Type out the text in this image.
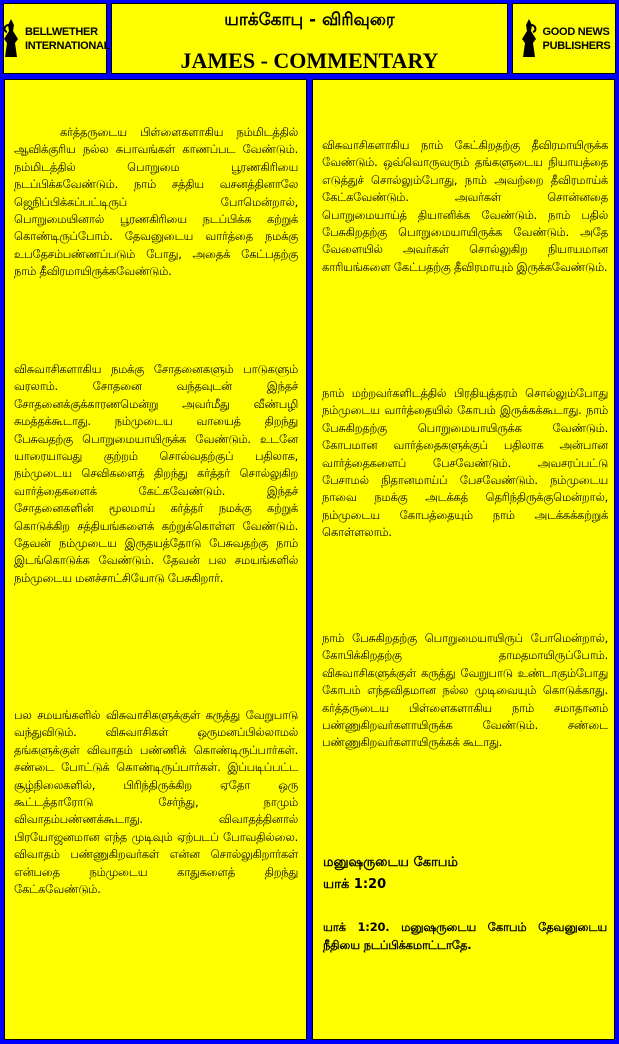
BELLWETHER
INTERNATIONAL
யாக்கோபு - விரிவுரை
JAMES - COMMENTARY
GOOD NEWS
PUBLISHERS

கர்த்தருடைய பிள்ளைகளாகிய நம்மிடத்தில் ஆவிக்குரிய நல்ல சுபாவங்கள் காணப்பட வேண்டும். நம்மிடத்தில் பொறுமை பூரணகிரியை நடப்பிக்கவேண்டும். நாம் சத்திய வசனத்தினாலே ஜெநிப்பிக்கப்பட்டிருப் போமென்றால், பொறுமையினால் பூரணகிரியை நடப்பிக்க கற்றுக் கொண்டிருப்போம். தேவனுடைய வார்த்தை நமக்கு உபதேசம்பண்ணப்படும் போது, அதைக் கேட்பதற்கு நாம் தீவிரமாயிருக்கவேண்டும்.

விசுவாசிகளாகிய நமக்கு சோதனைகளும் பாடுகளும் வரலாம். சோதனை வந்தவுடன் இந்தச் சோதனைக்குக்காரணமென்று அவர்மீது வீண்பழி சுமத்தக்கூடாது. நம்முடைய வாயைத் திறந்து பேசுவதற்கு பொறுமையாயிருக்க வேண்டும். உடனே யாரையாவது குற்றம் சொல்வதற்குப் பதிலாக, நம்முடைய செவிகளைத் திறந்து கர்த்தர் சொல்லுகிற வார்த்தைகளைக் கேட்கவேண்டும். இந்தச் சோதனைகளின் மூலமாய் கர்த்தர் நமக்கு கற்றுக் கொடுக்கிற சத்தியங்களைக் கற்றுக்கொள்ள வேண்டும். தேவன் நம்முடைய இருதயத்தோடு பேசுவதற்கு நாம் இடங்கொடுக்க வேண்டும். தேவன் பல சமயங்களில் நம்முடைய மனச்சாட்சியோடு பேசுகிறார்.

பல சமயங்களில் விசுவாசிகளுக்குள் கருத்து வேறுபாடு வந்துவிடும். விசுவாசிகள் ஒருமனப்பில்லாமல் தங்களுக்குள் விவாதம் பண்ணிக் கொண்டிருப்பார்கள். சண்டை போட்டுக் கொண்டிருப்பார்கள். இப்படிப்பட்ட சூழ்நிலைகளில், பிரிந்திருக்கிற ஏதோ ஒரு கூட்டத்தாரோடு சேர்ந்து, நாமும் விவாதம்பண்ணக்கூடாது. விவாதத்தினால் பிரயோஜனமான எந்த முடிவும் ஏற்படப் போவதில்லை. விவாதம் பண்ணுகிறவர்கள் என்ன சொல்லுகிறார்கள் என்பதை நம்முடைய காதுகளைத் திறந்து கேட்கவேண்டும்.

விசுவாசிகளாகிய நாம் கேட்கிறதற்கு தீவிரமாயிருக்க வேண்டும். ஒவ்வொருவரும் தங்களுடைய நியாயத்தை எடுத்துச் சொல்லும்போது, நாம் அவற்றை தீவிரமாய்க் கேட்கவேண்டும். அவர்கள் சொன்னதை பொறுமையாய்த் தியானிக்க வேண்டும். நாம் பதில் பேசுகிறதற்கு பொறுமையாயிருக்க வேண்டும். அதே வேளையில் அவர்கள் சொல்லுகிற நியாயமான காரியங்களை கேட்பதற்கு தீவிரமாயும் இருக்கவேண்டும்.

நாம் மற்றவர்களிடத்தில் பிரதியுத்தரம் சொல்லும்போது நம்முடைய வார்த்தையில் கோபம் இருக்கக்கூடாது. நாம் பேசுகிறதற்கு பொறுமையாயிருக்க வேண்டும். கோபமான வார்த்தைகளுக்குப் பதிலாக அன்பான வார்த்தைகளைப் பேசவேண்டும். அவசரப்பட்டு பேசாமல் நிதானமாய்ப் பேசவேண்டும். நம்முடைய நாவை நமக்கு அடக்கத் தெரிந்திருக்குமென்றால், நம்முடைய கோபத்தையும் நாம் அடக்கக்கற்றுக் கொள்ளலாம்.

நாம் பேசுகிறதற்கு பொறுமையாயிருப் போமென்றால், கோபிக்கிறதற்கு தாமதமாயிருப்போம். விசுவாசிகளுக்குள் கருத்து வேறுபாடு உண்டாகும்போது கோபம் எந்தவிதமான நல்ல முடிவையும் கொடுக்காது. கர்த்தருடைய பிள்ளைகளாகிய நாம் சமாதானம் பண்ணுகிறவர்களாயிருக்க வேண்டும். சண்டை பண்ணுகிறவர்களாயிருக்கக் கூடாது.

மனுஷருடைய கோபம்
யாக் 1:20

யாக் 1:20. மனுஷருடைய கோபம் தேவனுடைய நீதியை நடப்பிக்கமாட்டாதே.
